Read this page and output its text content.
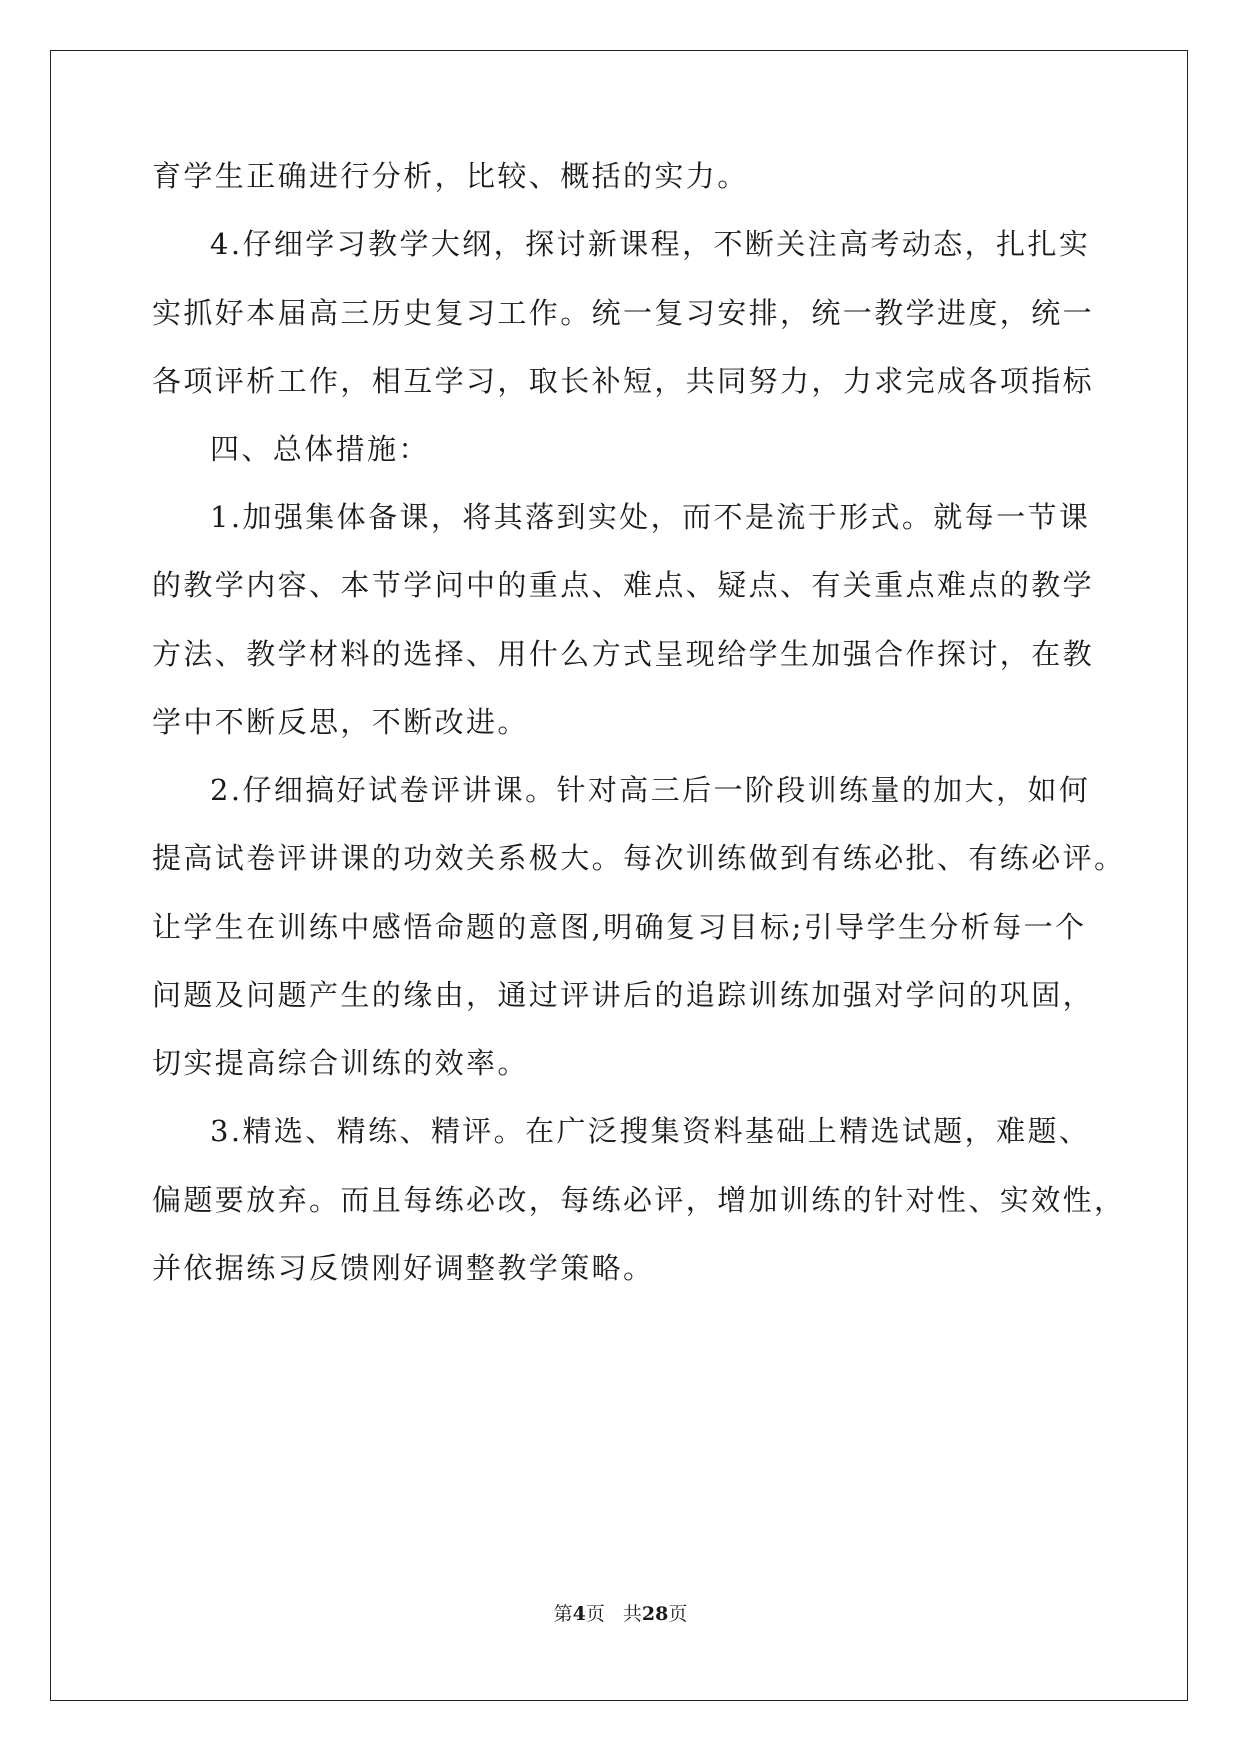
育学生正确进行分析，比较、概括的实力。
4.仔细学习教学大纲，探讨新课程，不断关注高考动态，扎扎实
实抓好本届高三历史复习工作。统一复习安排，统一教学进度，统一
各项评析工作，相互学习，取长补短，共同努力，力求完成各项指标
四、总体措施：
1.加强集体备课，将其落到实处，而不是流于形式。就每一节课
的教学内容、本节学问中的重点、难点、疑点、有关重点难点的教学
方法、教学材料的选择、用什么方式呈现给学生加强合作探讨，在教
学中不断反思，不断改进。
2.仔细搞好试卷评讲课。针对高三后一阶段训练量的加大，如何
提高试卷评讲课的功效关系极大。每次训练做到有练必批、有练必评。
让学生在训练中感悟命题的意图,明确复习目标;引导学生分析每一个
问题及问题产生的缘由，通过评讲后的追踪训练加强对学问的巩固，
切实提高综合训练的效率。
3.精选、精练、精评。在广泛搜集资料基础上精选试题，难题、
偏题要放弃。而且每练必改，每练必评，增加训练的针对性、实效性，
并依据练习反馈刚好调整教学策略。
第4页 共28页
